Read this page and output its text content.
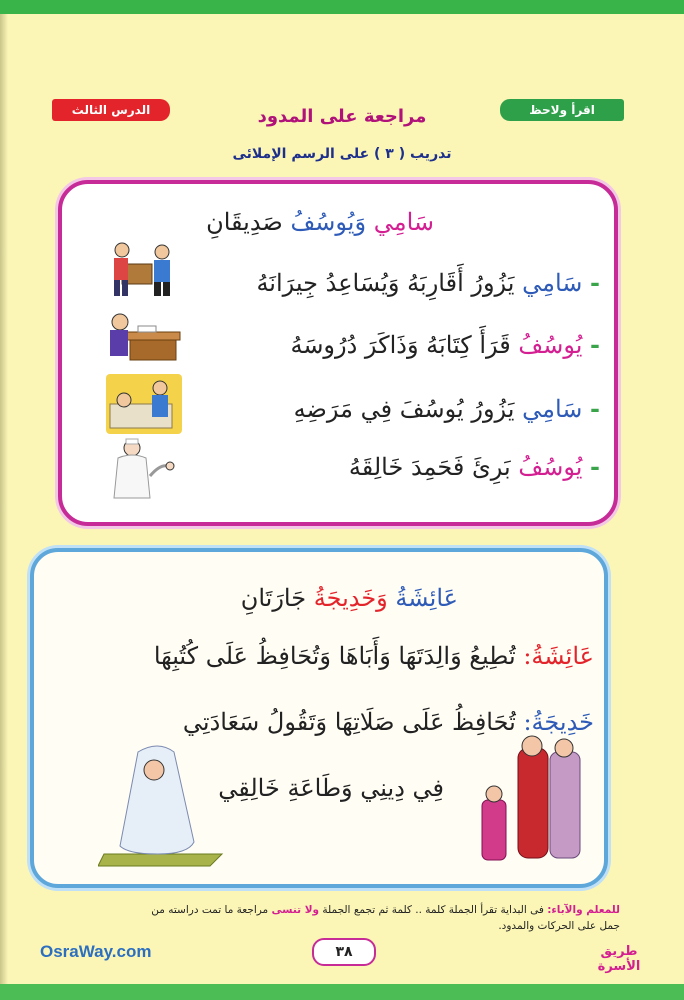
الدرس الثالث	اقرأ ولاحظ
مراجعة على المدود
تدريب ( ٣ ) على الرسم الإملائى
سَامِي وَيُوسُفُ صَدِيقَانِ
- سَامِي يَزُورُ أَقَارِبَهُ وَيُسَاعِدُ جِيرَانَهُ
- يُوسُفُ قَرَأَ كِتَابَهُ وَذَاكَرَ دُرُوسَهُ
- سَامِي يَزُورُ يُوسُفَ فِي مَرَضِهِ
- يُوسُفُ بَرِئَ فَحَمِدَ خَالِقَهُ
عَائِشَةُ وَخَدِيجَةُ جَارَتَانِ
عَائِشَةُ: تُطِيعُ وَالِدَتَهَا وَأَبَاهَا وَتُحَافِظُ عَلَى كُتُبِهَا
خَدِيجَةُ: تُحَافِظُ عَلَى صَلَاتِهَا وَتَقُولُ سَعَادَتِي
فِي دِينِي وَطَاعَةِ خَالِقِي
للمعلم والآباء: فى البداية تقرأ الجملة كلمة .. كلمة ثم تجمع الجملة ولا تنسى مراجعة ما تمت دراسته من
جمل على الحركات والمدود.
OsraWay.com	٣٨	طريق الأسرة
